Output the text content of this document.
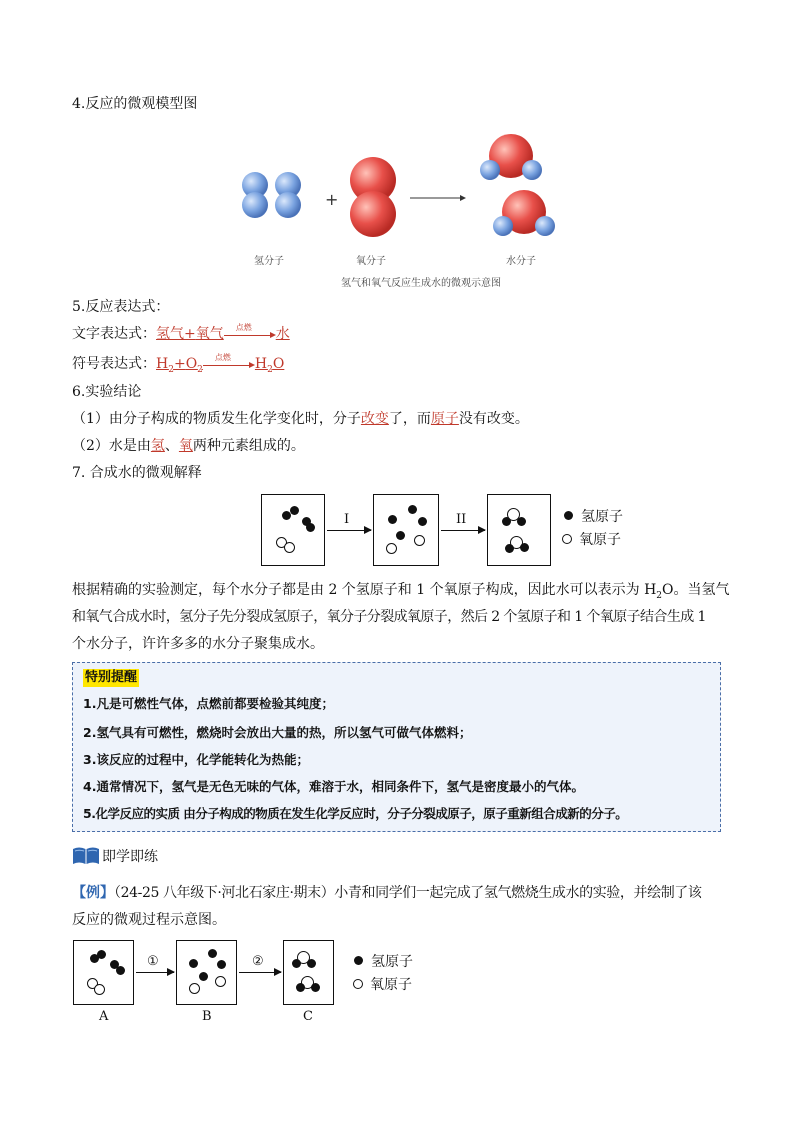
4.反应的微观模型图
+
氢分子	氧分子	水分子
氢气和氧气反应生成水的微观示意图
5.反应表达式：
文字表达式：氢气+氧气 点燃 水
符号表达式：$H_2+O_2$
点燃 $H_2O$
6.实验结论
（1）由分子构成的物质发生化学变化时，分子改变了，而原子没有改变。
（2）水是由氢、氧两种元素组成的。
7. 合成水的微观解释
I	II	氢原子
氧原子
根据精确的实验测定，每个水分子都是由 2 个氢原子和 1 个氧原子构成，因此水可以表示为 $H_2O$。当氢气
和氧气合成水时，氢分子先分裂成氢原子，氧分子分裂成氧原子，然后 2 个氢原子和 1 个氧原子结合生成 1
个水分子，许许多多的水分子聚集成水。
特别提醒
1.凡是可燃性气体，点燃前都要检验其纯度；
2.氢气具有可燃性，燃烧时会放出大量的热，所以氢气可做气体燃料；
3.该反应的过程中，化学能转化为热能；
4.通常情况下，氢气是无色无味的气体，难溶于水，相同条件下，氢气是密度最小的气体。
5.化学反应的实质 由分子构成的物质在发生化学反应时，分子分裂成原子，原子重新组合成新的分子。
即学即练
【例】（24-25 八年级下·河北石家庄·期末）小青和同学们一起完成了氢气燃烧生成水的实验，并绘制了该
反应的微观过程示意图。
A
①
B
②
C
氢原子
氧原子
